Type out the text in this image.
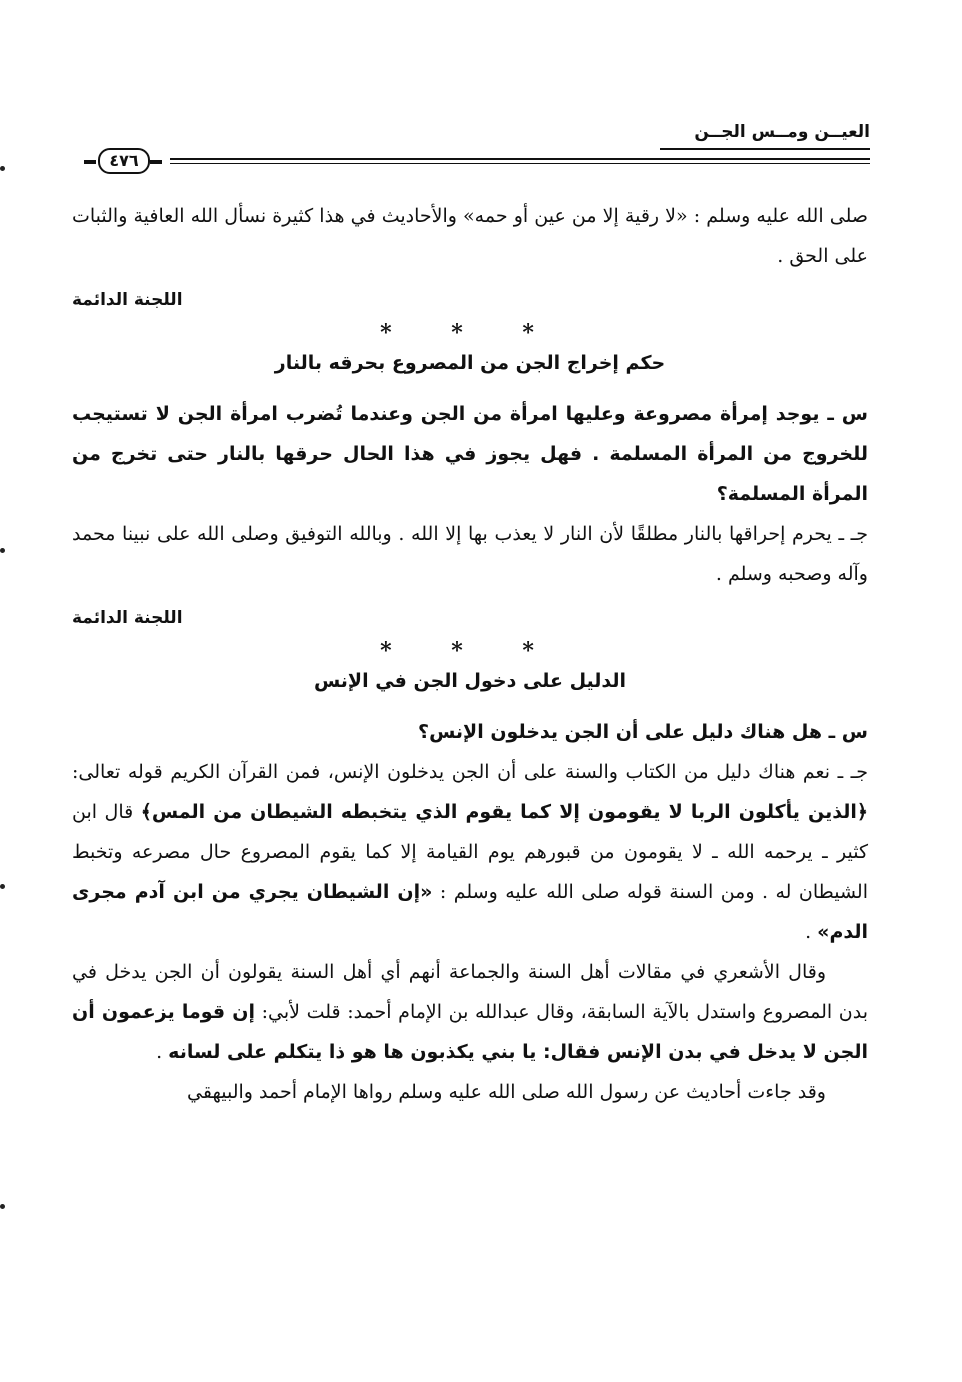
العيــن ومــس الجــن
٤٧٦

صلى الله عليه وسلم : «لا رقية إلا من عين أو حمه» والأحاديث في هذا كثيرة نسأل الله العافية والثبات على الحق .

اللجنة الدائمة

* * *

حكم إخراج الجن من المصروع بحرقه بالنار

س ـ يوجد إمرأة مصروعة وعليها امرأة من الجن وعندما تُضرب امرأة الجن لا تستيجب للخروج من المرأة المسلمة . فهل يجوز في هذا الحال حرقها بالنار حتى تخرج من المرأة المسلمة؟

جـ ـ يحرم إحراقها بالنار مطلقًا لأن النار لا يعذب بها إلا الله . وبالله التوفيق وصلى الله على نبينا محمد وآله وصحبه وسلم .

اللجنة الدائمة

* * *

الدليل على دخول الجن في الإنس

س ـ هل هناك دليل على أن الجن يدخلون الإنس؟

جـ ـ نعم هناك دليل من الكتاب والسنة على أن الجن يدخلون الإنس، فمن القرآن الكريم قوله تعالى: ﴿الذين يأكلون الربا لا يقومون إلا كما يقوم الذي يتخبطه الشيطان من المس﴾ قال ابن كثير ـ يرحمه الله ـ لا يقومون من قبورهم يوم القيامة إلا كما يقوم المصروع حال مصرعه وتخبط الشيطان له . ومن السنة قوله صلى الله عليه وسلم : «إن الشيطان يجري من ابن آدم مجرى الدم» .

وقال الأشعري في مقالات أهل السنة والجماعة أنهم أي أهل السنة يقولون أن الجن يدخل في بدن المصروع واستدل بالآية السابقة، وقال عبدالله بن الإمام أحمد: قلت لأبي: إن قوما يزعمون أن الجن لا يدخل في بدن الإنس فقال: يا بني يكذبون ها هو ذا يتكلم على لسانه .

وقد جاءت أحاديث عن رسول الله صلى الله عليه وسلم رواها الإمام أحمد والبيهقي
